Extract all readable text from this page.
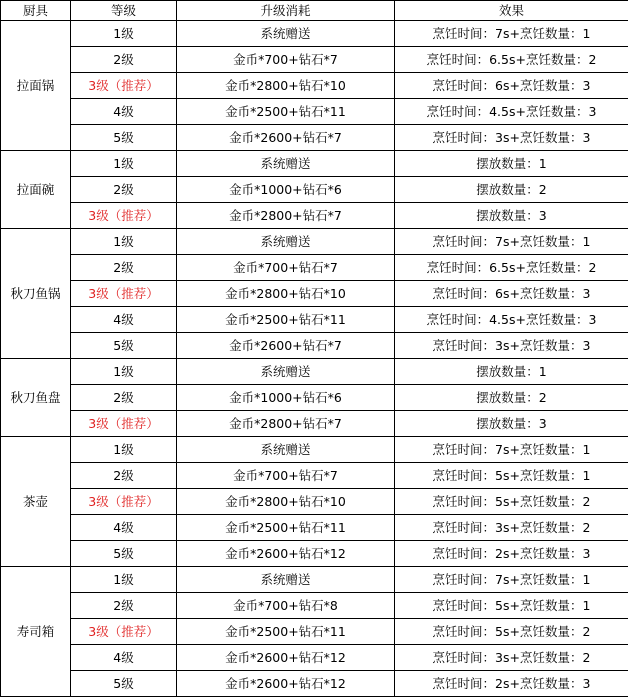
厨具	等级	升级消耗	效果
拉面锅	1级	系统赠送	烹饪时间：7s+烹饪数量：1
	2级	金币*700+钻石*7	烹饪时间：6.5s+烹饪数量：2
	3级（推荐）	金币*2800+钻石*10	烹饪时间：6s+烹饪数量：3
	4级	金币*2500+钻石*11	烹饪时间：4.5s+烹饪数量：3
	5级	金币*2600+钻石*7	烹饪时间：3s+烹饪数量：3
拉面碗	1级	系统赠送	摆放数量：1
	2级	金币*1000+钻石*6	摆放数量：2
	3级（推荐）	金币*2800+钻石*7	摆放数量：3
秋刀鱼锅	1级	系统赠送	烹饪时间：7s+烹饪数量：1
	2级	金币*700+钻石*7	烹饪时间：6.5s+烹饪数量：2
	3级（推荐）	金币*2800+钻石*10	烹饪时间：6s+烹饪数量：3
	4级	金币*2500+钻石*11	烹饪时间：4.5s+烹饪数量：3
	5级	金币*2600+钻石*7	烹饪时间：3s+烹饪数量：3
秋刀鱼盘	1级	系统赠送	摆放数量：1
	2级	金币*1000+钻石*6	摆放数量：2
	3级（推荐）	金币*2800+钻石*7	摆放数量：3
茶壶	1级	系统赠送	烹饪时间：7s+烹饪数量：1
	2级	金币*700+钻石*7	烹饪时间：5s+烹饪数量：1
	3级（推荐）	金币*2800+钻石*10	烹饪时间：5s+烹饪数量：2
	4级	金币*2500+钻石*11	烹饪时间：3s+烹饪数量：2
	5级	金币*2600+钻石*12	烹饪时间：2s+烹饪数量：3
寿司箱	1级	系统赠送	烹饪时间：7s+烹饪数量：1
	2级	金币*700+钻石*8	烹饪时间：5s+烹饪数量：1
	3级（推荐）	金币*2500+钻石*11	烹饪时间：5s+烹饪数量：2
	4级	金币*2600+钻石*12	烹饪时间：3s+烹饪数量：2
	5级	金币*2600+钻石*12	烹饪时间：2s+烹饪数量：3
